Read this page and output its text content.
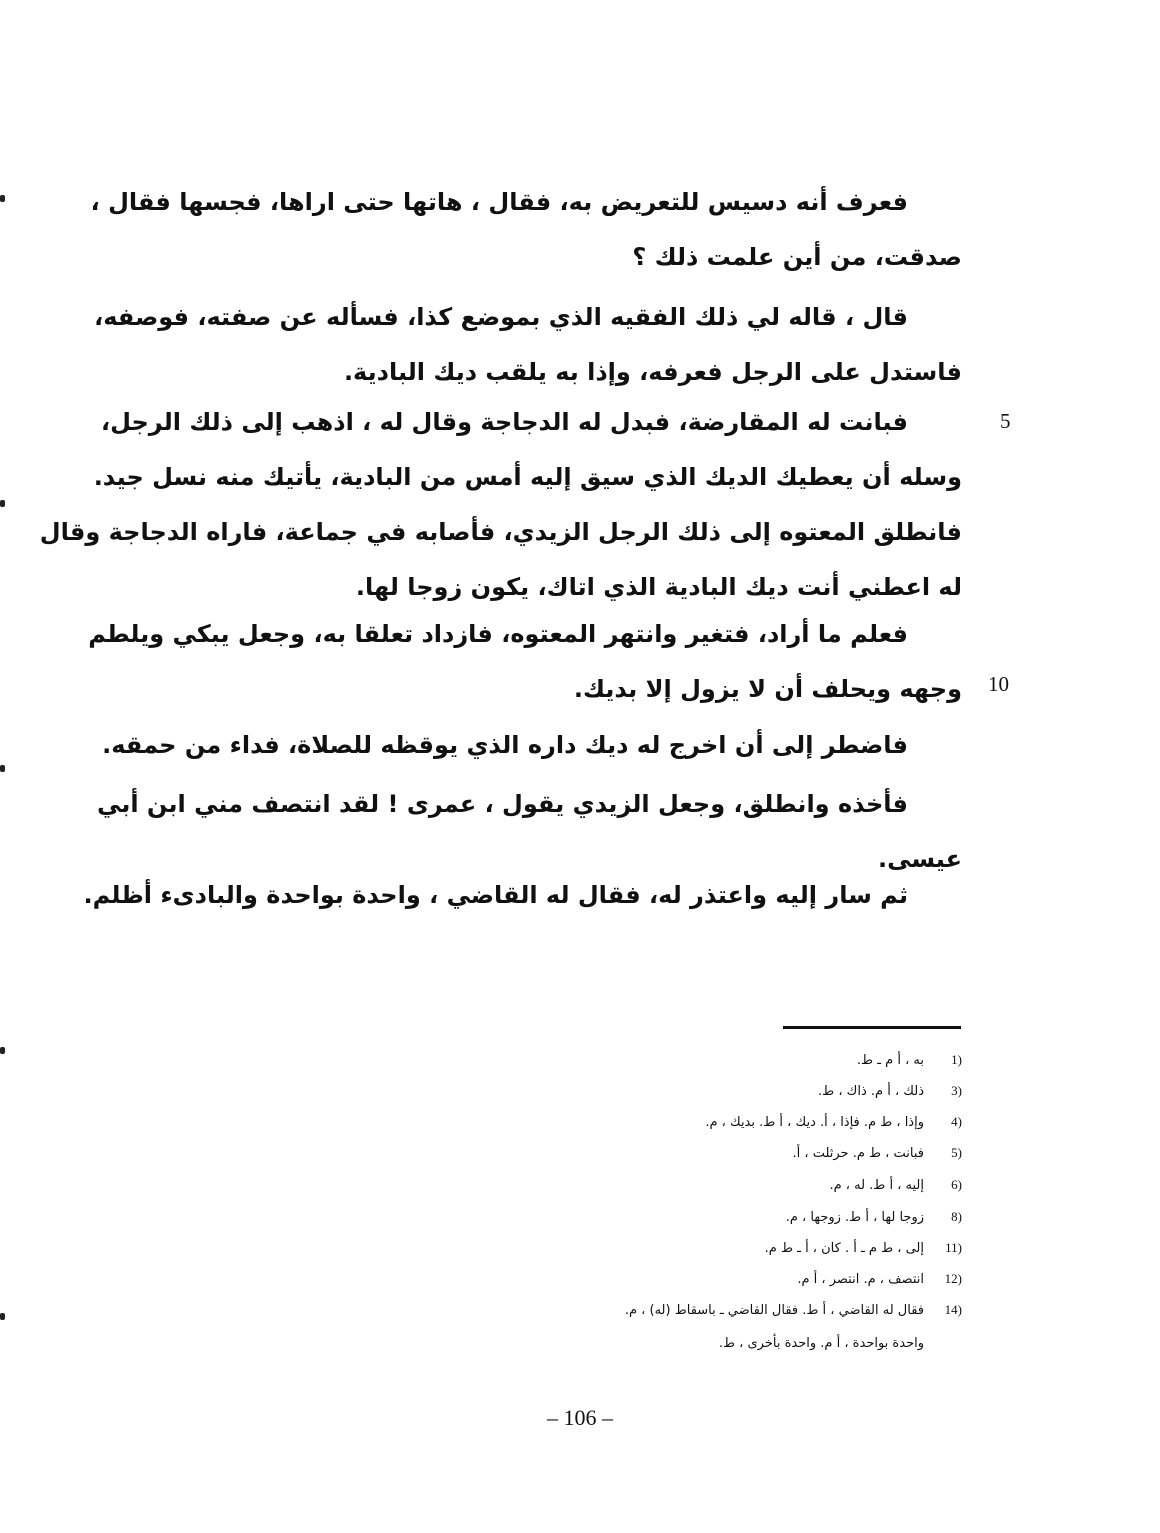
فعرف أنه دسيس للتعريض به، فقال ، هاتها حتى اراها، فجسها فقال ،
صدقت، من أين علمت ذلك ؟
قال ، قاله لي ذلك الفقيه الذي بموضع كذا، فسأله عن صفته، فوصفه،
فاستدل على الرجل فعرفه، وإذا به يلقب ديك البادية.
فبانت له المقارضة، فبدل له الدجاجة وقال له ، اذهب إلى ذلك الرجل،
وسله أن يعطيك الديك الذي سيق إليه أمس من البادية، يأتيك منه نسل جيد.
فانطلق المعتوه إلى ذلك الرجل الزيدي، فأصابه في جماعة، فاراه الدجاجة وقال
له اعطني أنت ديك البادية الذي اتاك، يكون زوجا لها.
فعلم ما أراد، فتغير وانتهر المعتوه، فازداد تعلقا به، وجعل يبكي ويلطم
وجهه ويحلف أن لا يزول إلا بديك.
فاضطر إلى أن اخرج له ديك داره الذي يوقظه للصلاة، فداء من حمقه.
فأخذه وانطلق، وجعل الزيدي يقول ، عمرى ! لقد انتصف مني ابن أبي
عيسى.
ثم سار إليه واعتذر له، فقال له القاضي ، واحدة بواحدة والبادىء أظلم.
5
10
1)به ، أ م ـ ط.
3)ذلك ، أ م. ذاك ، ط.
4)وإذا ، ط م. فإذا ، أ. ديك ، أ ط. بديك ، م.
5)فبانت ، ط م. حرثلت ، أ.
6)إليه ، أ ط. له ، م.
8)زوجا لها ، أ ط. زوجها ، م.
11)إلى ، ط م ـ أ . كان ، أ ـ ط م.
12)انتصف ، م. انتصر ، أ م.
14)فقال له القاضي ، أ ط. فقال القاضي ـ باسقاط (له) ، م.
واحدة بواحدة ، أ م. واحدة بأخرى ، ط.
– 106 –
